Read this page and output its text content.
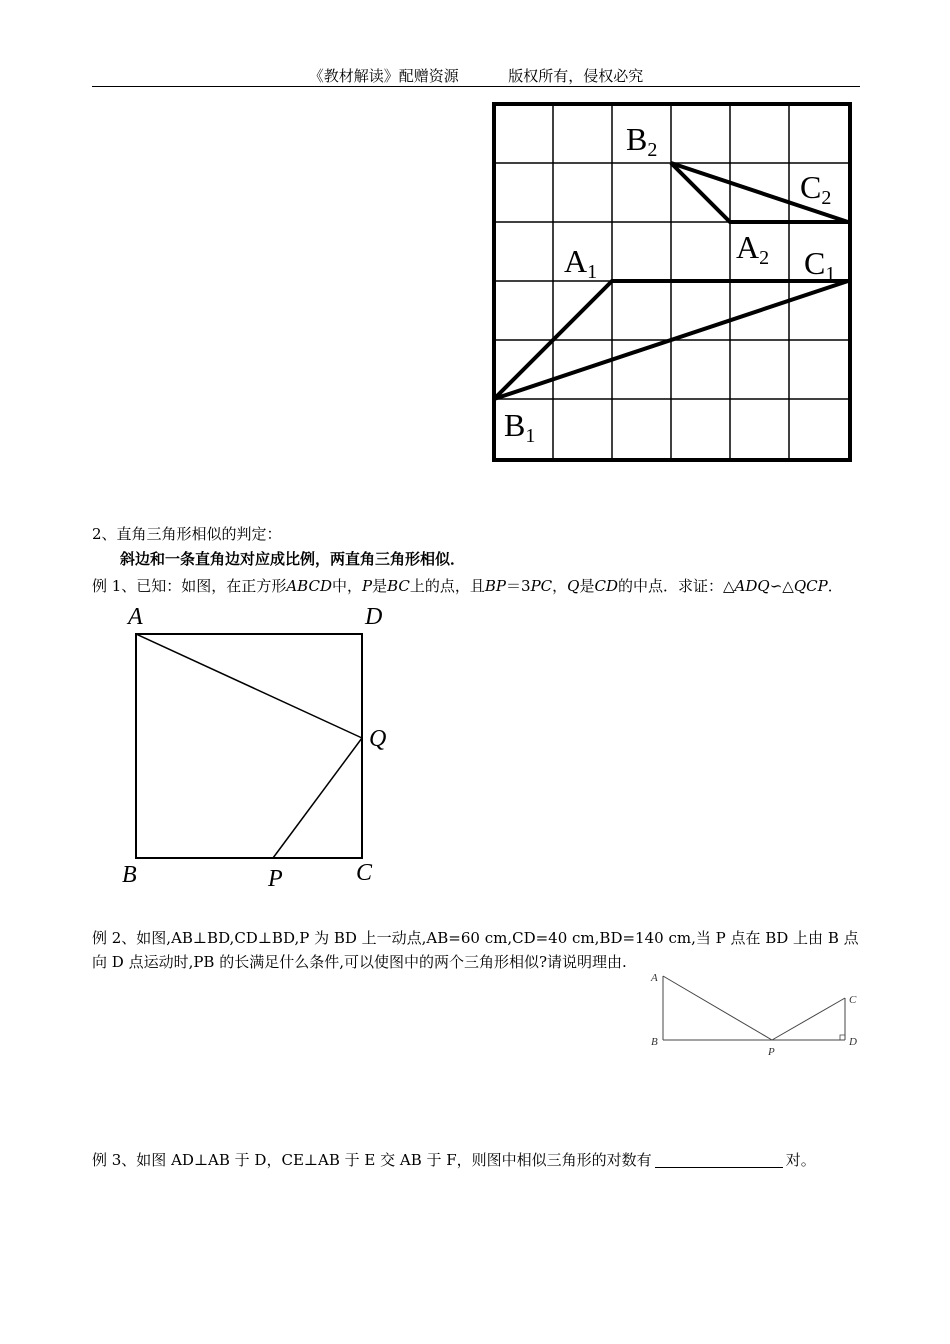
《教材解读》配赠资源	版权所有，侵权必究
B2
C2
A2
A1	C1
B1
2、直角三角形相似的判定：
斜边和一条直角边对应成比例，两直角三角形相似．
例 1、已知：如图，在正方形ABCD中，P是BC上的点，且BP＝3PC，Q是CD的中点．求证：△ADQ∽△QCP．
A	D
Q
B	P	C
例 2、如图,AB⊥BD,CD⊥BD,P 为 BD 上一动点,AB=60 cm,CD=40 cm,BD=140 cm,当 P 点在 BD 上由 B 点向 D 点运动时,PB 的长满足什么条件,可以使图中的两个三角形相似?请说明理由.
A
B
P
C
D
例 3、如图 AD⊥AB 于 D，CE⊥AB 于 E 交 AB 于 F，则图中相似三角形的对数有	对。
